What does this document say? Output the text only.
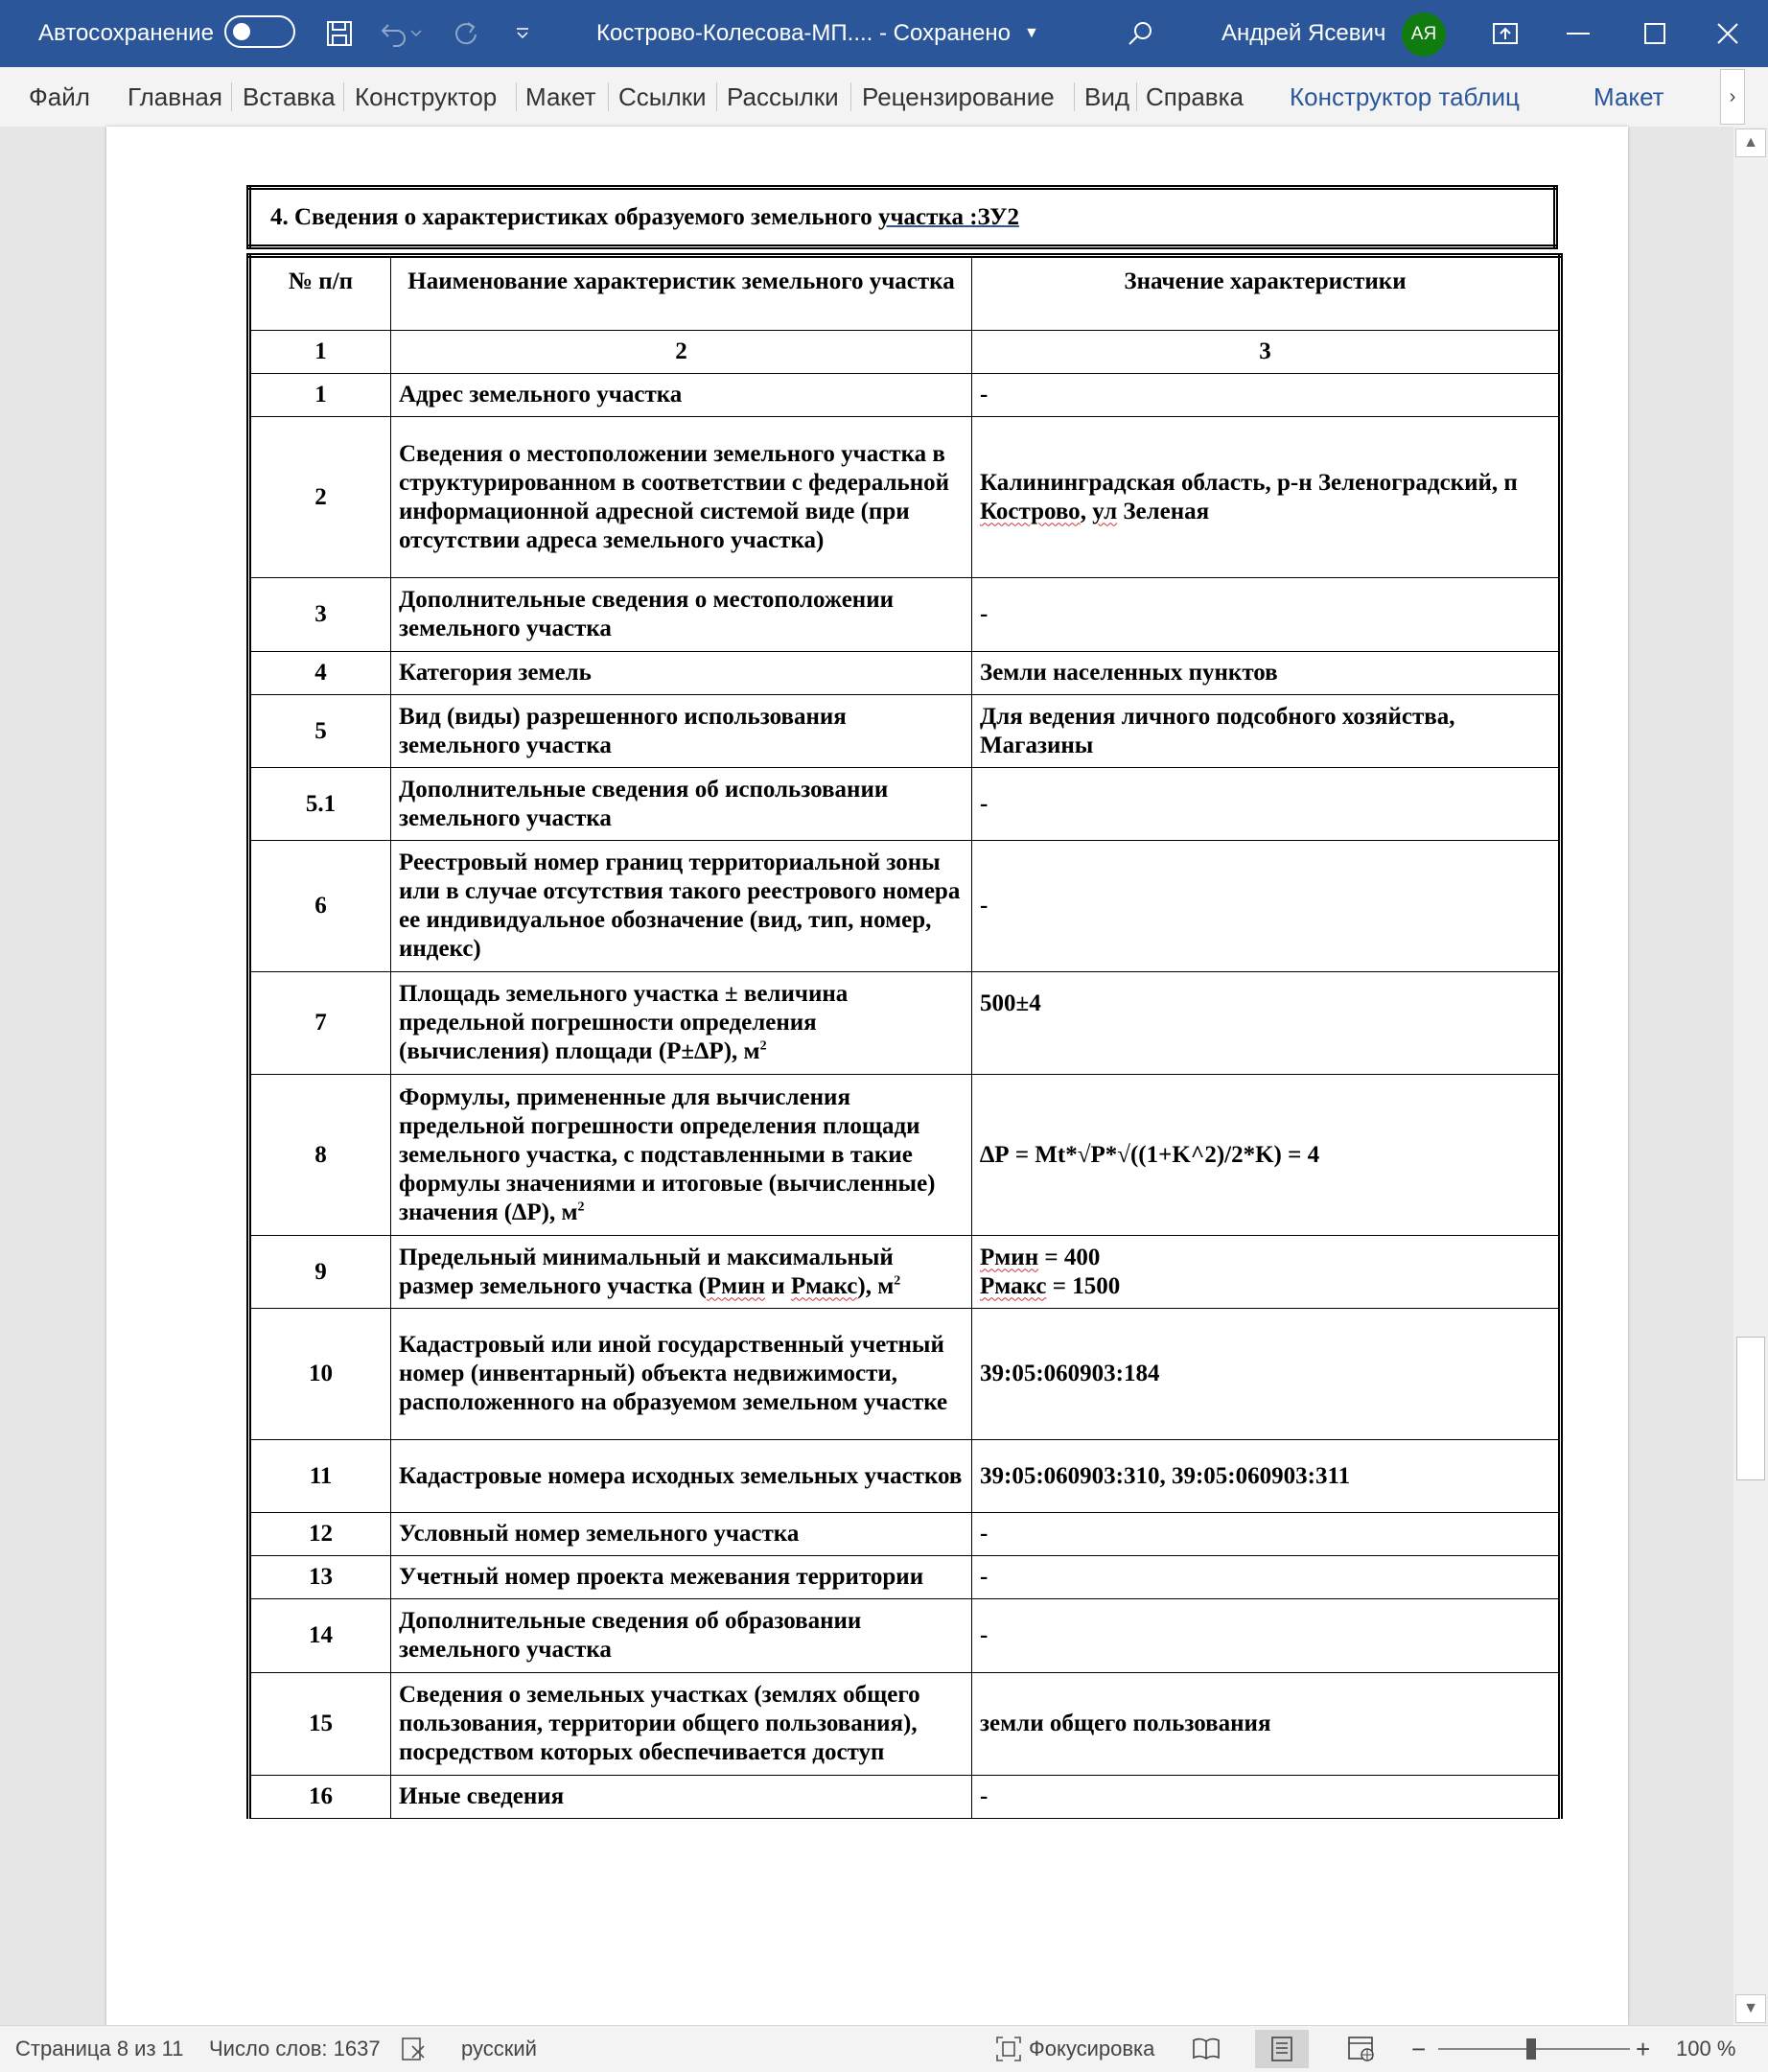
Автосохранение	Кострово-Колесова-МП.... - Сохранено ▼	Андрей Ясевич	АЯ
Файл Главная Вставка Конструктор Макет Ссылки Рассылки Рецензирование Вид Справка Конструктор таблиц	Макет	›
4. Сведения о характеристиках образуемого земельного участка :ЗУ2
№ п/п	Наименование характеристик земельного участка	Значение характеристики
1	2	3
1	Адрес земельного участка	-
2	Сведения о местоположении земельного участка в структурированном в соответствии с федеральной информационной адресной системой виде (при отсутствии адреса земельного участка)	Калининградская область, р-н Зеленоградский, п Кострово, ул Зеленая
3	Дополнительные сведения о местоположении земельного участка	-
4	Категория земель	Земли населенных пунктов
5	Вид (виды) разрешенного использования земельного участка	Для ведения личного подсобного хозяйства, Магазины
5.1	Дополнительные сведения об использовании земельного участка	-
6	Реестровый номер границ территориальной зоны или в случае отсутствия такого реестрового номера ее индивидуальное обозначение (вид, тип, номер, индекс)	-
7	Площадь земельного участка ± величина предельной погрешности определения (вычисления) площади (Р±∆Р), $м^2$	500±4
8	Формулы, примененные для вычисления предельной погрешности определения площади земельного участка, с подставленными в такие формулы значениями и итоговые (вычисленные) значения (∆Р), $м^2$	∆Р = Mt*√P*√((1+K^2)/2*K) = 4
9	Предельный минимальный и максимальный размер земельного участка (Рмин и Рмакс), $м^2$	Рмин = 400
Рмакс = 1500
10	Кадастровый или иной государственный учетный номер (инвентарный) объекта недвижимости, расположенного на образуемом земельном участке	39:05:060903:184
11	Кадастровые номера исходных земельных участков	39:05:060903:310, 39:05:060903:311
12	Условный номер земельного участка	-
13	Учетный номер проекта межевания территории	-
14	Дополнительные сведения об образовании земельного участка	-
15	Сведения о земельных участках (землях общего пользования, территории общего пользования), посредством которых обеспечивается доступ	земли общего пользования
16	Иные сведения	-
▲
▼
Страница 8 из 11 Число слов: 1637	русский	Фокусировка	−	+ 100 %
